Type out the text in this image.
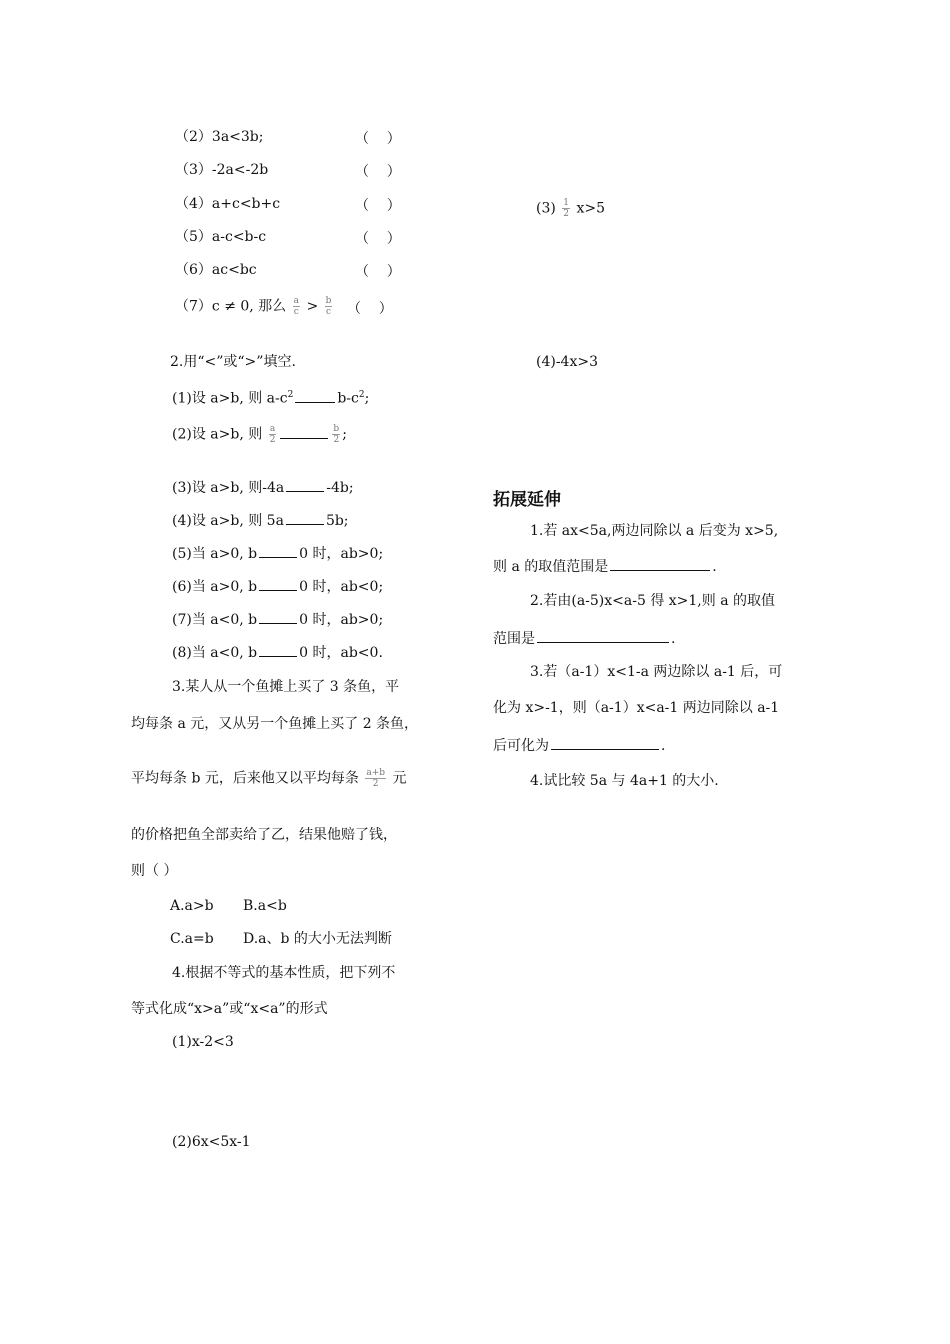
（2）3a<3b;	（    ）
（3）-2a<-2b	（    ）
（4）a+c<b+c	（    ）
（5）a-c<b-c	（    ）
（6）ac<bc	（    ）
（7）c ≠ 0, 那么 $\frac{a}{c} > \frac{b}{c}$ （    ）
2.用“<”或“>”填空.
(1)设 a>b, 则 $a-c^2$	$b-c^2$;
(2)设 a>b, 则 $\frac{a}{2}$	$\frac{b}{2}$ ;
(3)设 a>b, 则-4a	-4b;
(4)设 a>b, 则 5a	5b;
(5)当 a>0, b	0 时，ab>0;
(6)当 a>0, b	0 时，ab<0;
(7)当 a<0, b	0 时，ab>0;
(8)当 a<0, b	0 时，ab<0.
3.某人从一个鱼摊上买了 3 条鱼，平
均每条 a 元，又从另一个鱼摊上买了 2 条鱼，
平均每条 b 元，后来他又以平均每条 $\frac{a+b}{2}$ 元
的价格把鱼全部卖给了乙，结果他赔了钱，
则（ ）
A.a>b B.a<b
C.a=b D.a、b 的大小无法判断
4.根据不等式的基本性质，把下列不
等式化成“x>a”或“x<a”的形式
(1)x-2<3
(2)6x<5x-1
$(3) \frac{1}{2} x>5$
(4)-4x>3
拓展延伸
1.若 ax<5a,两边同除以 a 后变为 x>5,
则 a 的取值范围是	.
2.若由(a-5)x<a-5 得 x>1,则 a 的取值
范围是	.
3.若（a-1）x<1-a 两边除以 a-1 后，可
化为 x>-1，则（a-1）x<a-1 两边同除以 a-1
后可化为	.
4.试比较 5a 与 4a+1 的大小.
